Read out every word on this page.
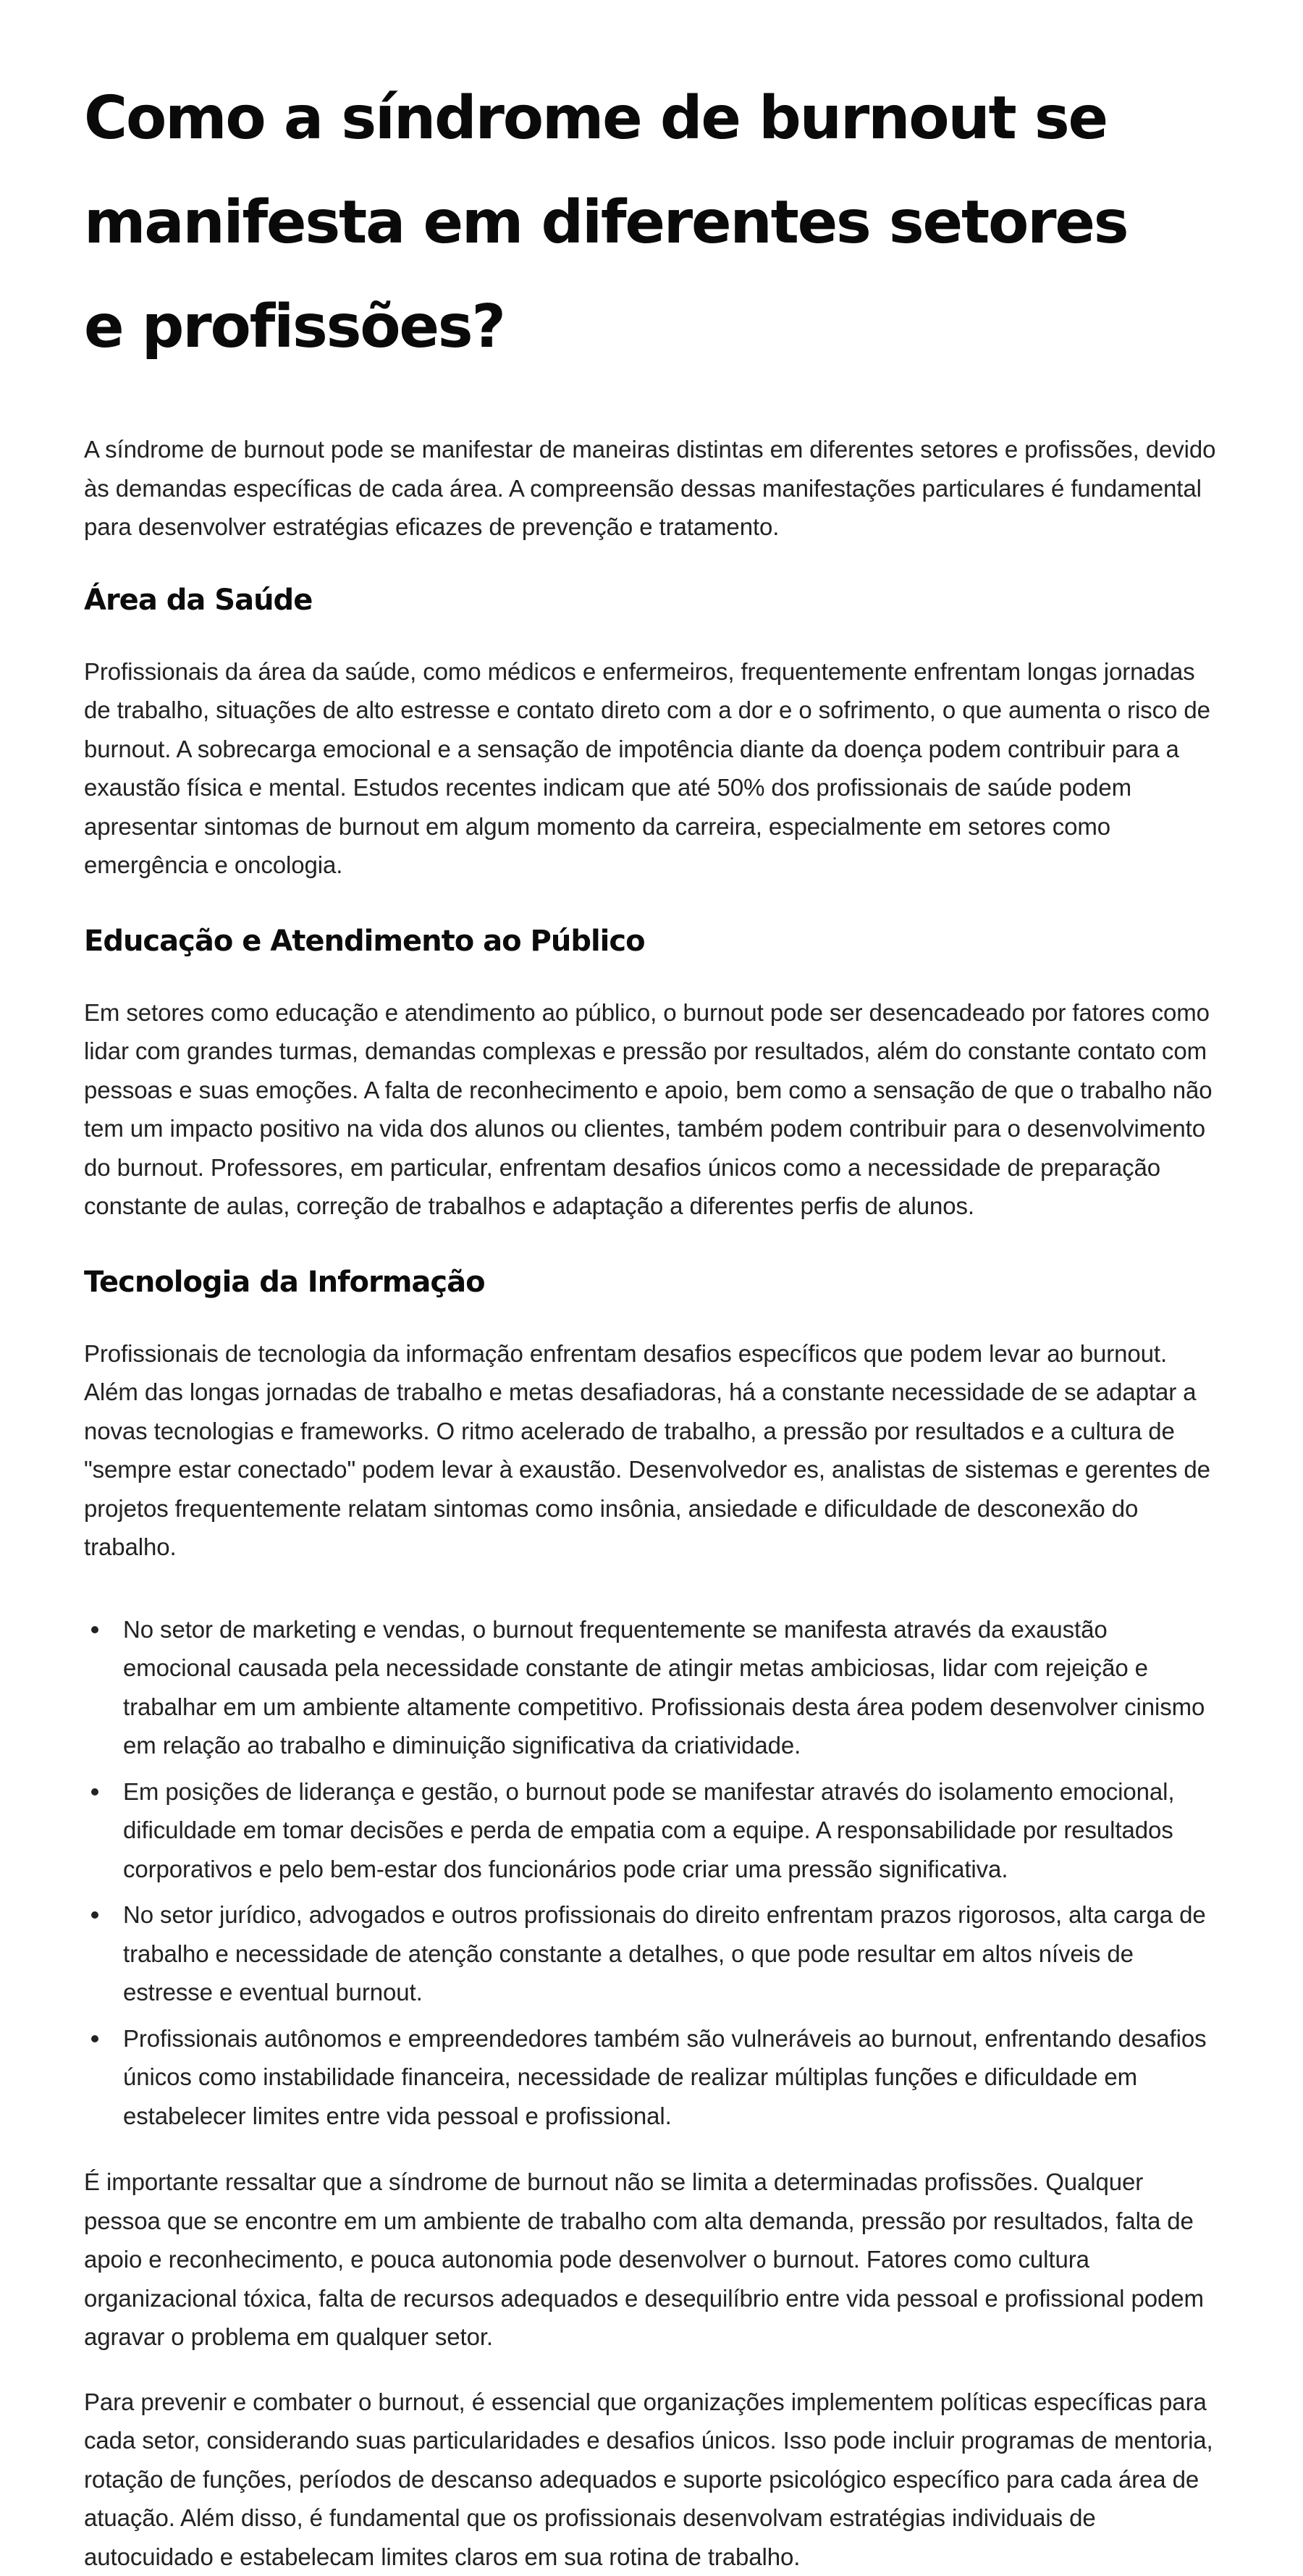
Como a síndrome de burnout se manifesta em diferentes setores e profissões?

A síndrome de burnout pode se manifestar de maneiras distintas em diferentes setores e profissões, devido às demandas específicas de cada área. A compreensão dessas manifestações particulares é fundamental para desenvolver estratégias eficazes de prevenção e tratamento.

Área da Saúde

Profissionais da área da saúde, como médicos e enfermeiros, frequentemente enfrentam longas jornadas de trabalho, situações de alto estresse e contato direto com a dor e o sofrimento, o que aumenta o risco de burnout. A sobrecarga emocional e a sensação de impotência diante da doença podem contribuir para a exaustão física e mental. Estudos recentes indicam que até 50% dos profissionais de saúde podem apresentar sintomas de burnout em algum momento da carreira, especialmente em setores como emergência e oncologia.

Educação e Atendimento ao Público

Em setores como educação e atendimento ao público, o burnout pode ser desencadeado por fatores como lidar com grandes turmas, demandas complexas e pressão por resultados, além do constante contato com pessoas e suas emoções. A falta de reconhecimento e apoio, bem como a sensação de que o trabalho não tem um impacto positivo na vida dos alunos ou clientes, também podem contribuir para o desenvolvimento do burnout. Professores, em particular, enfrentam desafios únicos como a necessidade de preparação constante de aulas, correção de trabalhos e adaptação a diferentes perfis de alunos.

Tecnologia da Informação

Profissionais de tecnologia da informação enfrentam desafios específicos que podem levar ao burnout. Além das longas jornadas de trabalho e metas desafiadoras, há a constante necessidade de se adaptar a novas tecnologias e frameworks. O ritmo acelerado de trabalho, a pressão por resultados e a cultura de "sempre estar conectado" podem levar à exaustão. Desenvolvedor es, analistas de sistemas e gerentes de projetos frequentemente relatam sintomas como insônia, ansiedade e dificuldade de desconexão do trabalho.

No setor de marketing e vendas, o burnout frequentemente se manifesta através da exaustão emocional causada pela necessidade constante de atingir metas ambiciosas, lidar com rejeição e trabalhar em um ambiente altamente competitivo. Profissionais desta área podem desenvolver cinismo em relação ao trabalho e diminuição significativa da criatividade.
Em posições de liderança e gestão, o burnout pode se manifestar através do isolamento emocional, dificuldade em tomar decisões e perda de empatia com a equipe. A responsabilidade por resultados corporativos e pelo bem-estar dos funcionários pode criar uma pressão significativa.
No setor jurídico, advogados e outros profissionais do direito enfrentam prazos rigorosos, alta carga de trabalho e necessidade de atenção constante a detalhes, o que pode resultar em altos níveis de estresse e eventual burnout.
Profissionais autônomos e empreendedores também são vulneráveis ao burnout, enfrentando desafios únicos como instabilidade financeira, necessidade de realizar múltiplas funções e dificuldade em estabelecer limites entre vida pessoal e profissional.

É importante ressaltar que a síndrome de burnout não se limita a determinadas profissões. Qualquer pessoa que se encontre em um ambiente de trabalho com alta demanda, pressão por resultados, falta de apoio e reconhecimento, e pouca autonomia pode desenvolver o burnout. Fatores como cultura organizacional tóxica, falta de recursos adequados e desequilíbrio entre vida pessoal e profissional podem agravar o problema em qualquer setor.

Para prevenir e combater o burnout, é essencial que organizações implementem políticas específicas para cada setor, considerando suas particularidades e desafios únicos. Isso pode incluir programas de mentoria, rotação de funções, períodos de descanso adequados e suporte psicológico específico para cada área de atuação. Além disso, é fundamental que os profissionais desenvolvam estratégias individuais de autocuidado e estabelecam limites claros em sua rotina de trabalho.
